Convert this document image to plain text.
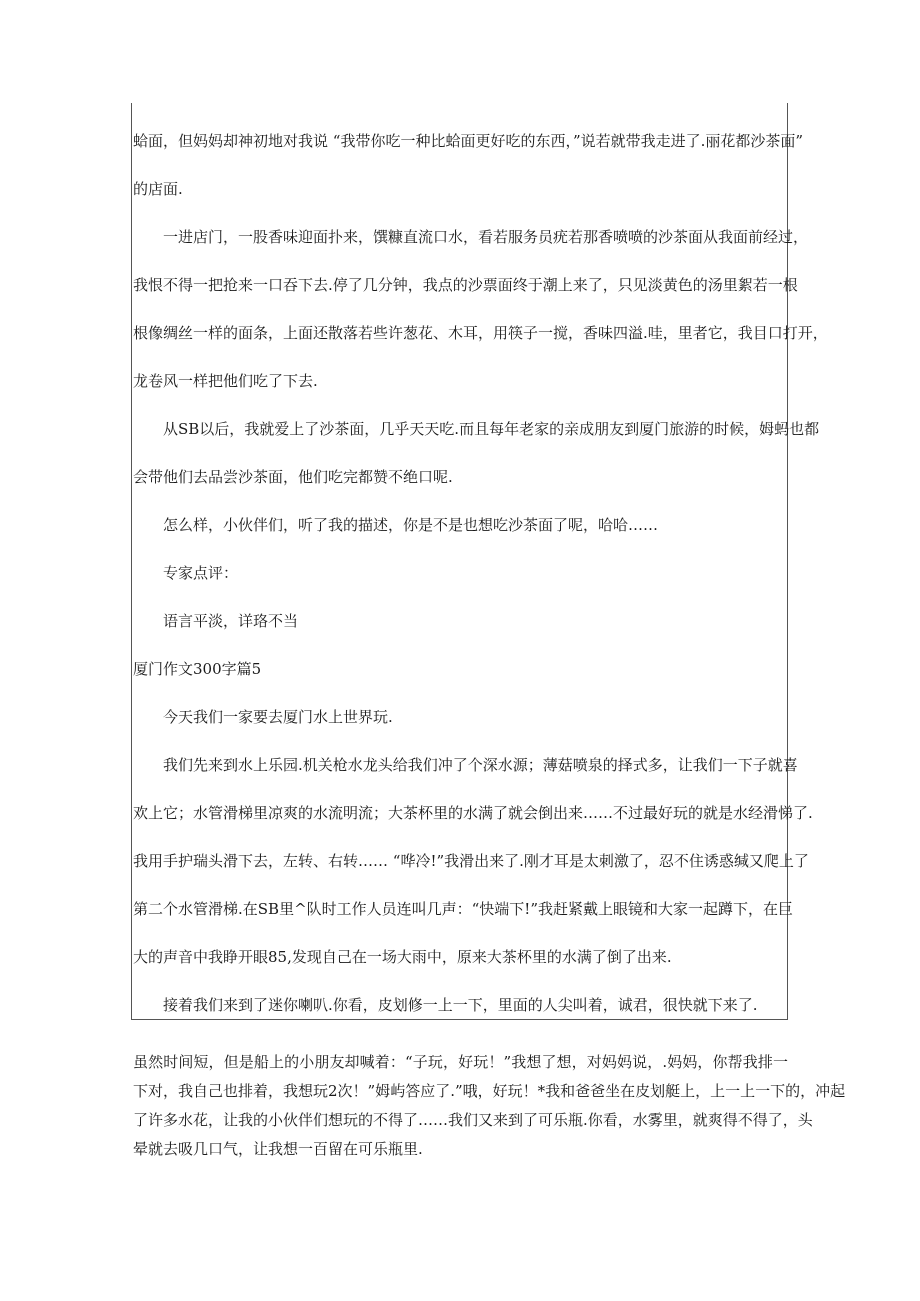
蛤面，但妈妈却神初地对我说 “我带你吃一种比蛤面更好吃的东西，”说若就带我走进了.丽花都沙茶面”
的店面.
一进店门，一股香味迎面扑来，馔糠直流口水，看若服务员疣若那香喷喷的沙茶面从我面前经过，
我恨不得一把抢来一口吞下去.停了几分钟，我点的沙票面终于潮上来了，只见淡黄色的汤里絮若一根
根像绸丝一样的面条，上面还散落若些许葱花、木耳，用筷子一搅，香味四溢.哇，里者它，我目口打开，
龙卷风一样把他们吃了下去.
从SB以后，我就爱上了沙茶面，几乎天天吃.而且每年老家的亲成朋友到厦门旅游的时候，姆蚂也都
会带他们去品尝沙茶面，他们吃完都赞不绝口呢.
怎么样，小伙伴们，听了我的描述，你是不是也想吃沙茶面了呢，哈哈……
专家点评：
语言平淡，详珞不当
厦门作文300字篇5
今天我们一家要去厦门水上世界玩.
我们先来到水上乐园.机关枪水龙头给我们冲了个深水源；薄菇喷泉的择式多，让我们一下子就喜
欢上它；水管滑梯里凉爽的水流明流；大茶杯里的水满了就会倒出来……不过最好玩的就是水经滑悌了.
我用手护瑞头滑下去，左转、右转…… “哗冷!”我滑出来了.刚才耳是太刺激了，忍不住诱惑缄又爬上了
第二个水管滑梯.在SB里^队时工作人员连叫几声：“快端下!”我赶紧戴上眼镜和大家一起蹲下，在巨
大的声音中我睁开眼85,发现自己在一场大雨中，原来大茶杯里的水满了倒了出来.
接着我们来到了迷你喇叭.你看，皮划修一上一下，里面的人尖叫着，诚君，很快就下来了.
虽然时间短，但是船上的小朋友却喊着：“子玩，好玩！”我想了想，对妈妈说，.妈妈，你帮我排一
下对，我自己也排着，我想玩2次！”姆屿答应了.”哦，好玩！*我和爸爸坐在皮划艇上，上一上一下的，冲起
了许多水花，让我的小伙伴们想玩的不得了……我们又来到了可乐瓶.你看，水雾里，就爽得不得了，头
晕就去吸几口气，让我想一百留在可乐瓶里.
